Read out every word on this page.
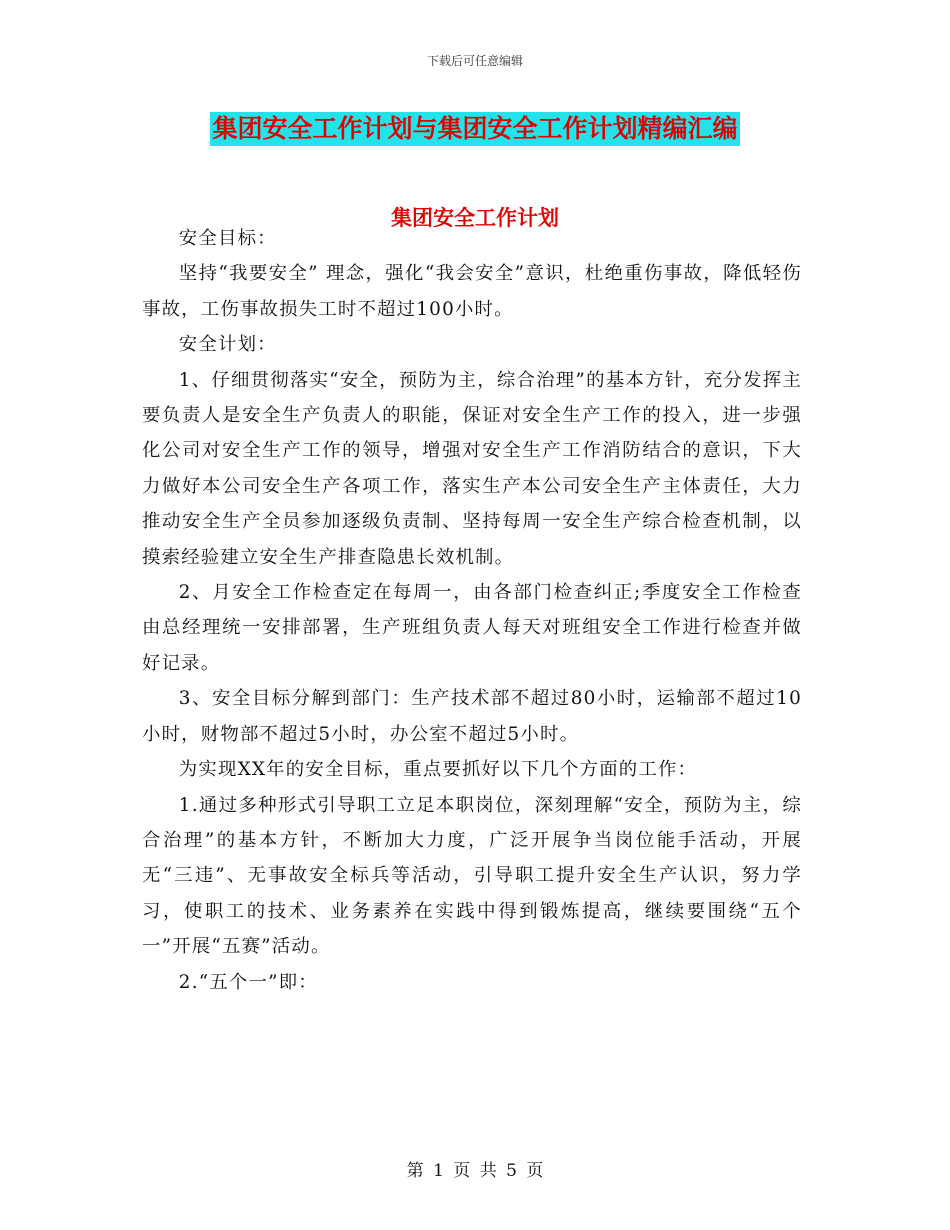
下载后可任意编辑
集团安全工作计划与集团安全工作计划精编汇编
集团安全工作计划

安全目标：

坚持“我要安全” 理念，强化“我会安全”意识，杜绝重伤事故，降低轻伤事故，工伤事故损失工时不超过100小时。

安全计划：

1、仔细贯彻落实“安全，预防为主，综合治理”的基本方针，充分发挥主要负责人是安全生产负责人的职能，保证对安全生产工作的投入，进一步强化公司对安全生产工作的领导，增强对安全生产工作消防结合的意识，下大力做好本公司安全生产各项工作，落实生产本公司安全生产主体责任，大力推动安全生产全员参加逐级负责制、坚持每周一安全生产综合检查机制，以摸索经验建立安全生产排查隐患长效机制。

2、月安全工作检查定在每周一，由各部门检查纠正;季度安全工作检查由总经理统一安排部署，生产班组负责人每天对班组安全工作进行检查并做好记录。

3、安全目标分解到部门：生产技术部不超过80小时，运输部不超过10小时，财物部不超过5小时，办公室不超过5小时。

为实现XX年的安全目标，重点要抓好以下几个方面的工作：

1.通过多种形式引导职工立足本职岗位，深刻理解“安全，预防为主，综合治理”的基本方针，不断加大力度，广泛开展争当岗位能手活动，开展无“三违”、无事故安全标兵等活动，引导职工提升安全生产认识，努力学习，使职工的技术、业务素养在实践中得到锻炼提高，继续要围绕“五个一”开展“五赛”活动。

2.“五个一”即：

第 1 页 共 5 页
